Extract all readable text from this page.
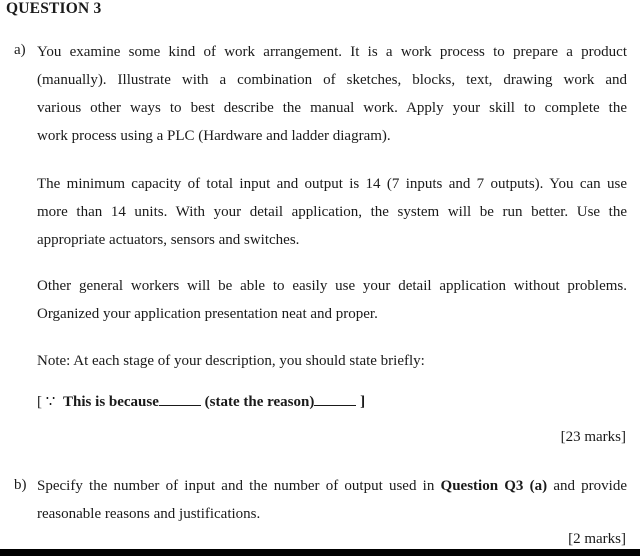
QUESTION 3
a) You examine some kind of work arrangement. It is a work process to prepare a product
(manually). Illustrate with a combination of sketches, blocks, text, drawing work and
various other ways to best describe the manual work. Apply your skill to complete the
work process using a PLC (Hardware and ladder diagram).
The minimum capacity of total input and output is 14 (7 inputs and 7 outputs). You can use
more than 14 units. With your detail application, the system will be run better. Use the
appropriate actuators, sensors and switches.
Other general workers will be able to easily use your detail application without problems.
Organized your application presentation neat and proper.
Note: At each stage of your description, you should state briefly:
[ ∵ This is because	(state the reason)	]
[23 marks]
b) Specify the number of input and the number of output used in Question Q3 (a) and provide
reasonable reasons and justifications.
[2 marks]
